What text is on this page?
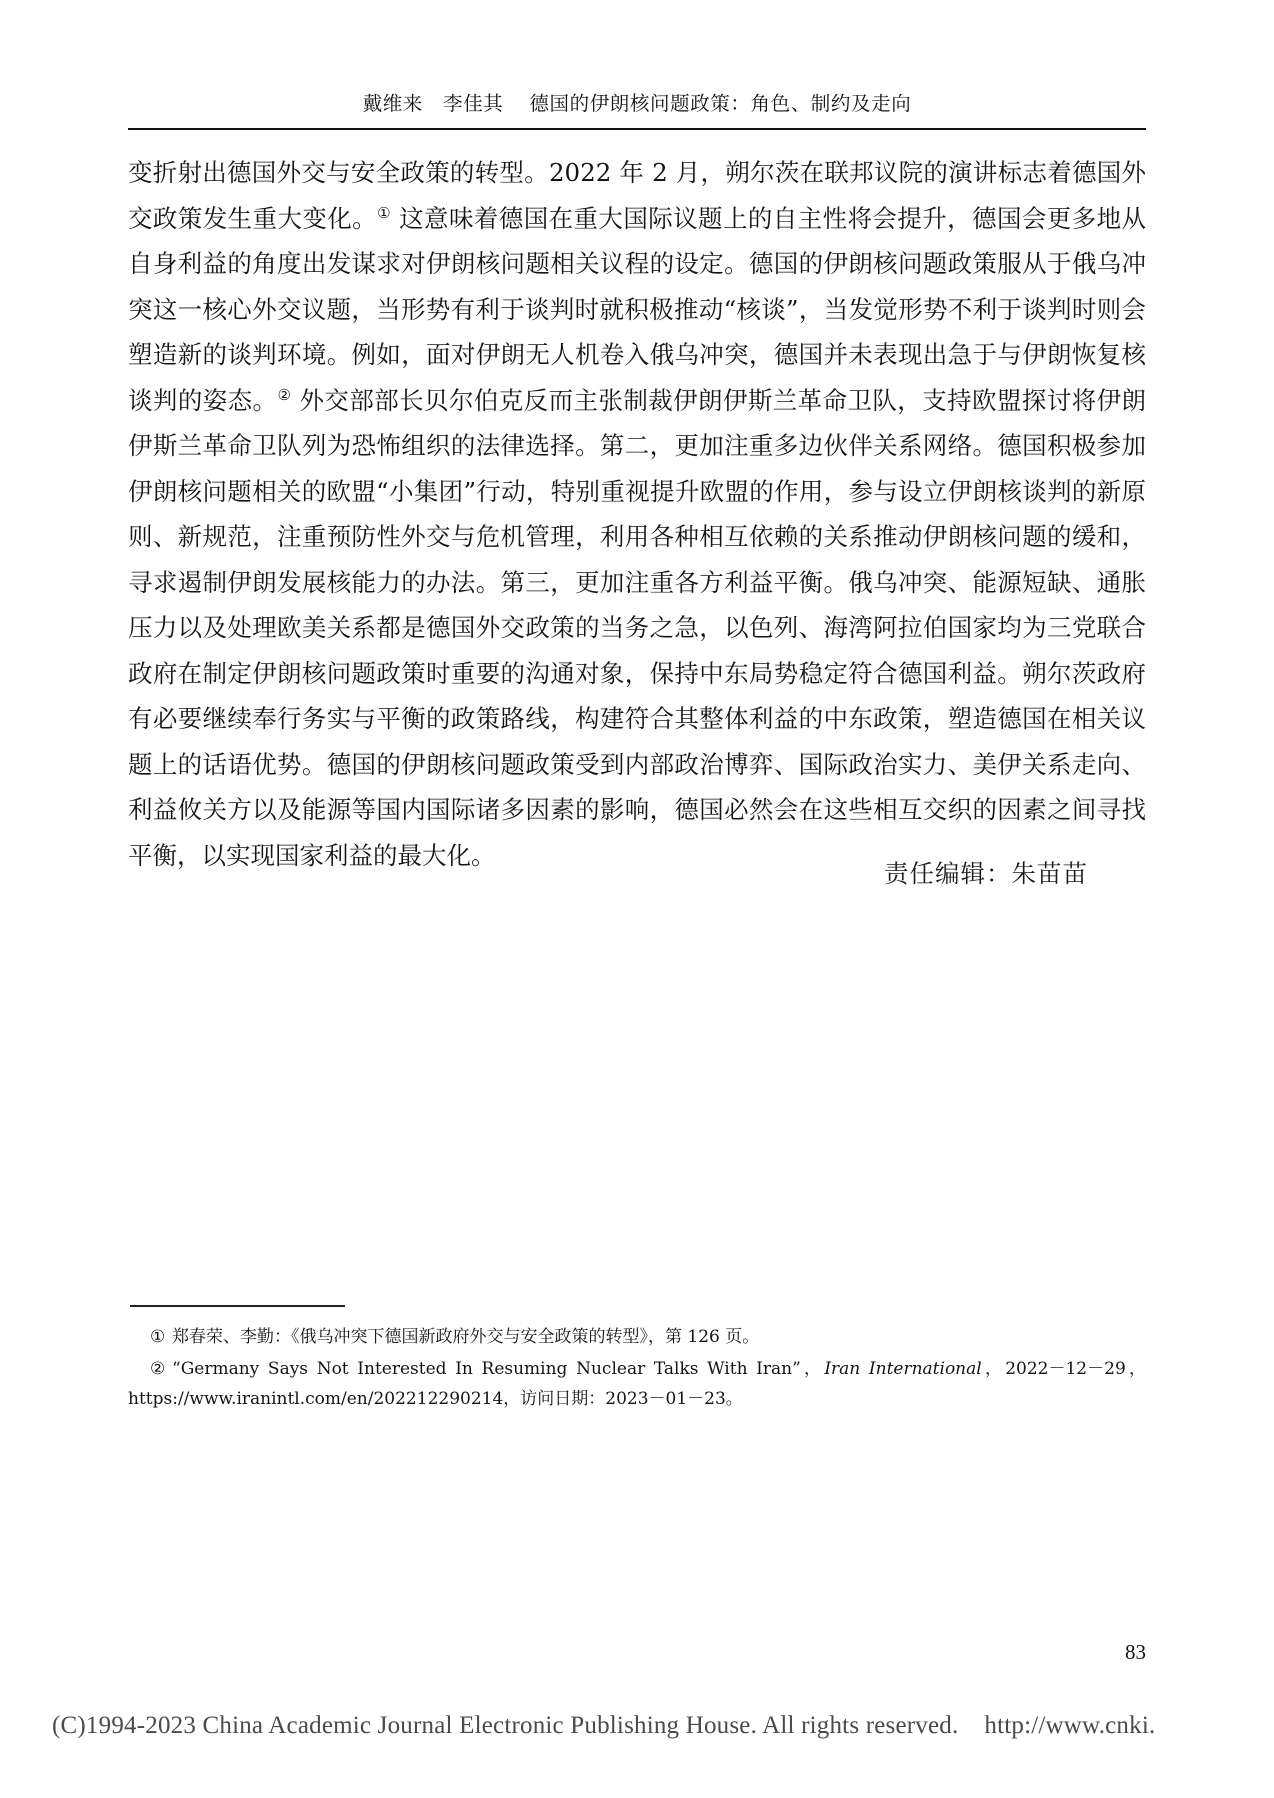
戴维来　李佳其 德国的伊朗核问题政策：角色、制约及走向

变折射出德国外交与安全政策的转型。2022 年 2 月，朔尔茨在联邦议院的演讲标志着德国外交政策发生重大变化。① 这意味着德国在重大国际议题上的自主性将会提升，德国会更多地从自身利益的角度出发谋求对伊朗核问题相关议程的设定。德国的伊朗核问题政策服从于俄乌冲突这一核心外交议题，当形势有利于谈判时就积极推动“核谈”，当发觉形势不利于谈判时则会塑造新的谈判环境。例如，面对伊朗无人机卷入俄乌冲突，德国并未表现出急于与伊朗恢复核谈判的姿态。② 外交部部长贝尔伯克反而主张制裁伊朗伊斯兰革命卫队，支持欧盟探讨将伊朗伊斯兰革命卫队列为恐怖组织的法律选择。第二，更加注重多边伙伴关系网络。德国积极参加伊朗核问题相关的欧盟“小集团”行动，特别重视提升欧盟的作用，参与设立伊朗核谈判的新原则、新规范，注重预防性外交与危机管理，利用各种相互依赖的关系推动伊朗核问题的缓和，寻求遏制伊朗发展核能力的办法。第三，更加注重各方利益平衡。俄乌冲突、能源短缺、通胀压力以及处理欧美关系都是德国外交政策的当务之急，以色列、海湾阿拉伯国家均为三党联合政府在制定伊朗核问题政策时重要的沟通对象，保持中东局势稳定符合德国利益。朔尔茨政府有必要继续奉行务实与平衡的政策路线，构建符合其整体利益的中东政策，塑造德国在相关议题上的话语优势。德国的伊朗核问题政策受到内部政治博弈、国际政治实力、美伊关系走向、利益攸关方以及能源等国内国际诸多因素的影响，德国必然会在这些相互交织的因素之间寻找平衡，以实现国家利益的最大化。

责任编辑：朱苗苗

① 郑春荣、李勤：《俄乌冲突下德国新政府外交与安全政策的转型》，第 126 页。

② “Germany Says Not Interested In Resuming Nuclear Talks With Iran”，Iran International，2022－12－29，https://www.iranintl.com/en/202212290214，访问日期：2023－01－23。

83
(C)1994-2023 China Academic Journal Electronic Publishing House. All rights reserved. http://www.cnki.
